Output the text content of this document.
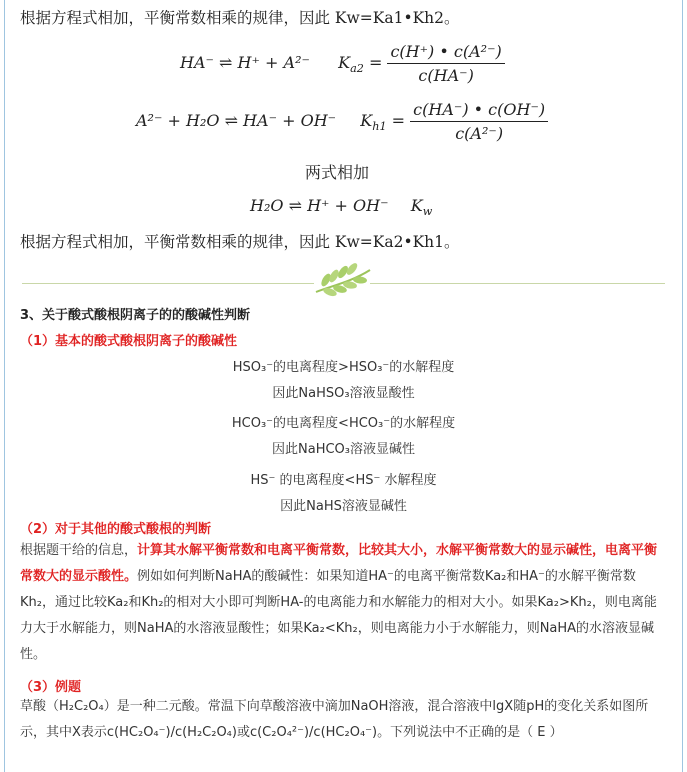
根据方程式相加，平衡常数相乘的规律，因此 Kw=Ka1•Kh2。
HA⁻ ⇌ H⁺ + A²⁻ $K_{a2} = \frac{\text{c(H⁺) • c(A²⁻)}}{c(HA^-)}$
A²⁻ + H₂O ⇌ HA⁻ + OH⁻ $K_{h1} = \frac{c(HA^-) • c(OH^-)}{\text{c(A²⁻)}}$
两式相加
H₂O ⇌ H⁺ + OH⁻ $K_w$
根据方程式相加，平衡常数相乘的规律，因此 Kw=Ka2•Kh1。
3、关于酸式酸根阴离子的的酸碱性判断
（1）基本的酸式酸根阴离子的酸碱性
HSO₃⁻的电离程度>HSO₃⁻的水解程度
因此NaHSO₃溶液显酸性
HCO₃⁻的电离程度<HCO₃⁻的水解程度
因此NaHCO₃溶液显碱性
HS⁻ 的电离程度<HS⁻ 水解程度
因此NaHS溶液显碱性
（2）对于其他的酸式酸根的判断
根据题干给的信息，计算其水解平衡常数和电离平衡常数，比较其大小，水解平衡常数大的显示碱性，电离平衡常数大的显示酸性。例如如何判断NaHA的酸碱性：如果知道HA⁻的电离平衡常数Ka₂和HA⁻的水解平衡常数Kh₂，通过比较Ka₂和Kh₂的相对大小即可判断HA-的电离能力和水解能力的相对大小。如果Ka₂>Kh₂，则电离能力大于水解能力，则NaHA的水溶液显酸性；如果Ka₂<Kh₂，则电离能力小于水解能力，则NaHA的水溶液显碱性。
（3）例题
草酸（H₂C₂O₄）是一种二元酸。常温下向草酸溶液中滴加NaOH溶液，混合溶液中lgX随pH的变化关系如图所示，其中X表示c(HC₂O₄⁻)/c(H₂C₂O₄)或c(C₂O₄²⁻)/c(HC₂O₄⁻)。下列说法中不正确的是（ E ）
